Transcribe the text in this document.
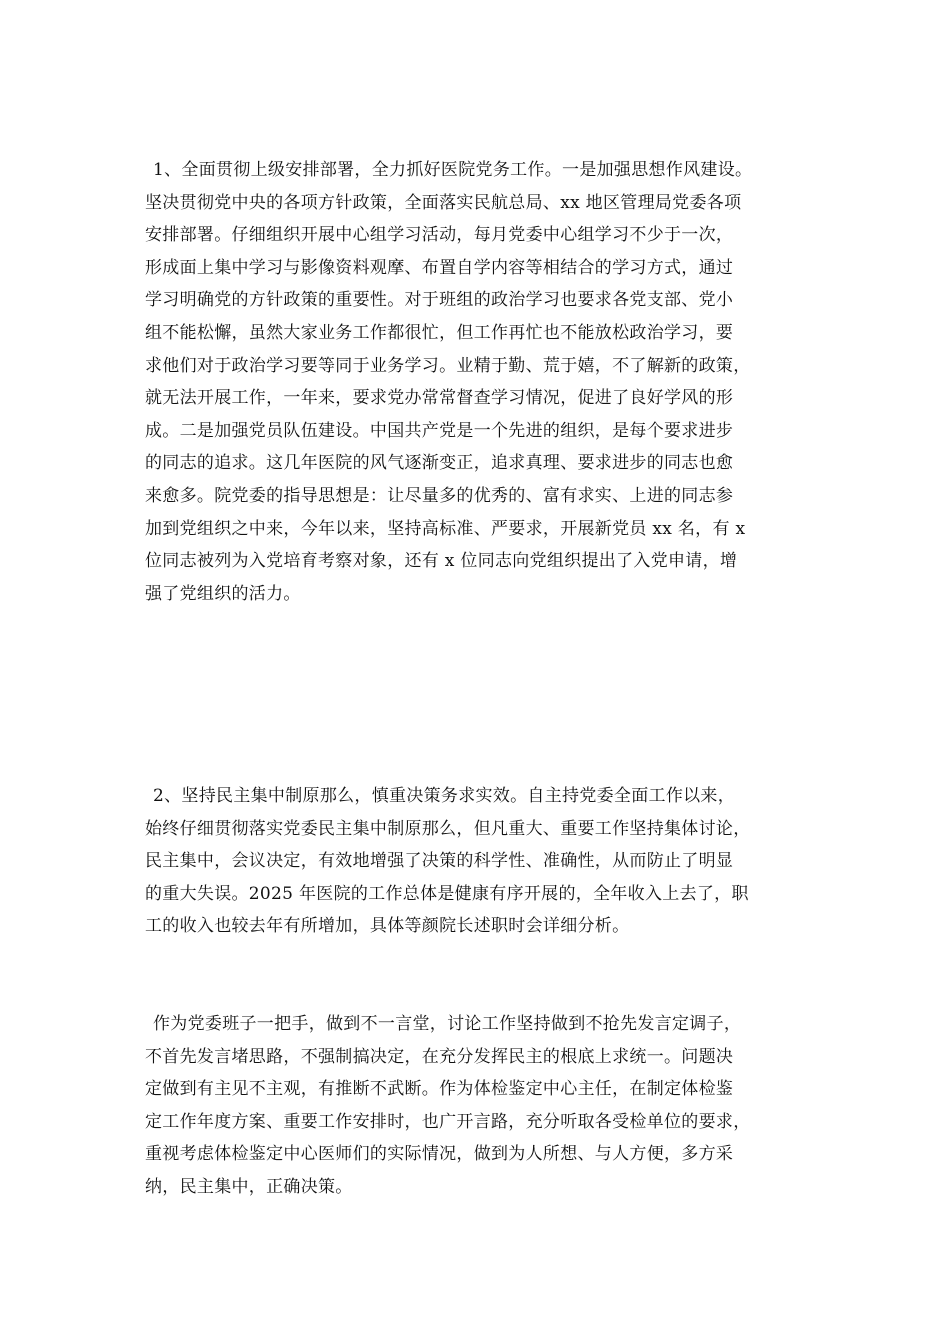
1、全面贯彻上级安排部署，全力抓好医院党务工作。一是加强思想作风建设。
坚决贯彻党中央的各项方针政策，全面落实民航总局、xx 地区管理局党委各项
安排部署。仔细组织开展中心组学习活动，每月党委中心组学习不少于一次，
形成面上集中学习与影像资料观摩、布置自学内容等相结合的学习方式，通过
学习明确党的方针政策的重要性。对于班组的政治学习也要求各党支部、党小
组不能松懈，虽然大家业务工作都很忙，但工作再忙也不能放松政治学习，要
求他们对于政治学习要等同于业务学习。业精于勤、荒于嬉，不了解新的政策，
就无法开展工作，一年来，要求党办常常督查学习情况，促进了良好学风的形
成。二是加强党员队伍建设。中国共产党是一个先进的组织，是每个要求进步
的同志的追求。这几年医院的风气逐渐变正，追求真理、要求进步的同志也愈
来愈多。院党委的指导思想是：让尽量多的优秀的、富有求实、上进的同志参
加到党组织之中来，今年以来，坚持高标准、严要求，开展新党员 xx 名，有 x
位同志被列为入党培育考察对象，还有 x 位同志向党组织提出了入党申请，增
强了党组织的活力。
2、坚持民主集中制原那么，慎重决策务求实效。自主持党委全面工作以来，
始终仔细贯彻落实党委民主集中制原那么，但凡重大、重要工作坚持集体讨论，
民主集中，会议决定，有效地增强了决策的科学性、准确性，从而防止了明显
的重大失误。2025 年医院的工作总体是健康有序开展的，全年收入上去了，职
工的收入也较去年有所增加，具体等颜院长述职时会详细分析。
作为党委班子一把手，做到不一言堂，讨论工作坚持做到不抢先发言定调子，
不首先发言堵思路，不强制搞决定，在充分发挥民主的根底上求统一。问题决
定做到有主见不主观，有推断不武断。作为体检鉴定中心主任，在制定体检鉴
定工作年度方案、重要工作安排时，也广开言路，充分听取各受检单位的要求，
重视考虑体检鉴定中心医师们的实际情况，做到为人所想、与人方便，多方采
纳，民主集中，正确决策。
